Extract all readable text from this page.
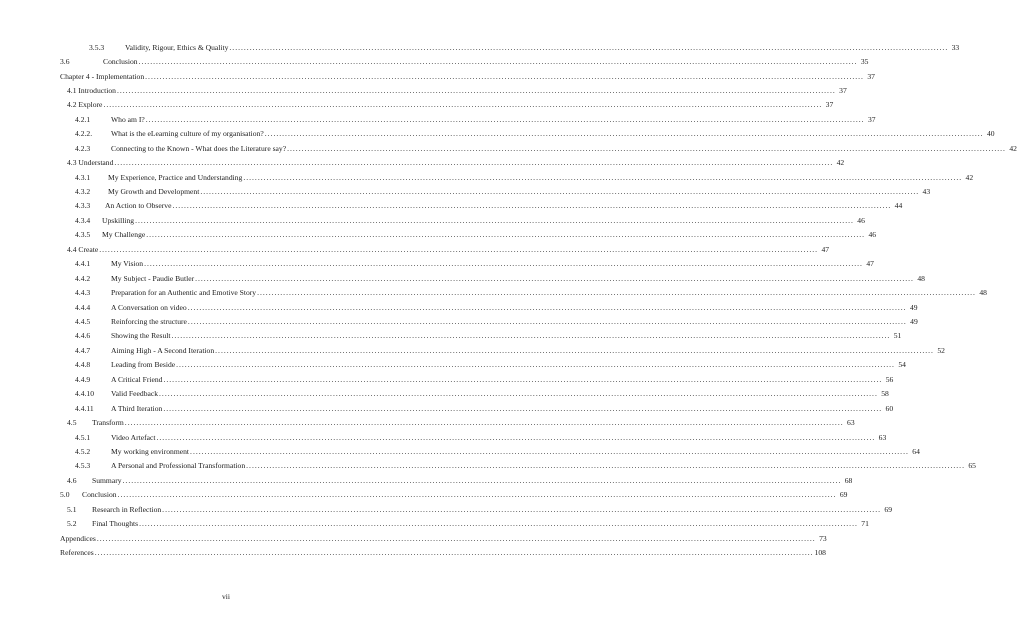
3.5.3	Validity, Rigour, Ethics & Quality .....	33
3.6	Conclusion .....	35
Chapter 4 - Implementation .....	37
4.1 Introduction .....	37
4.2 Explore .....	37
4.2.1	Who am I? .....	37
4.2.2.	What is the eLearning culture of my organisation? .....	40
4.2.3	Connecting to the Known - What does the Literature say? .....	42
4.3 Understand .....	42
4.3.1	My Experience, Practice and Understanding .....	42
4.3.2	My Growth and Development .....	43
4.3.3	An Action to Observe .....	44
4.3.4	Upskilling .....	46
4.3.5	My Challenge .....	46
4.4 Create .....	47
4.4.1	My Vision .....	47
4.4.2	My Subject - Paudie Butler .....	48
4.4.3	Preparation for an Authentic and Emotive Story .....	48
4.4.4	A Conversation on video .....	49
4.4.5	Reinforcing the structure .....	49
4.4.6	Showing the Result .....	51
4.4.7	Aiming High - A Second Iteration .....	52
4.4.8	Leading from Beside .....	54
4.4.9	A Critical Friend .....	56
4.4.10	Valid Feedback .....	58
4.4.11	A Third Iteration .....	60
4.5	Transform .....	63
4.5.1	Video Artefact .....	63
4.5.2	My working environment .....	64
4.5.3	A Personal and Professional Transformation .....	65
4.6	Summary .....	68
5.0	Conclusion .....	69
5.1	Research in Reflection .....	69
5.2	Final Thoughts .....	71
Appendices .....	73
References .....	108
vii
